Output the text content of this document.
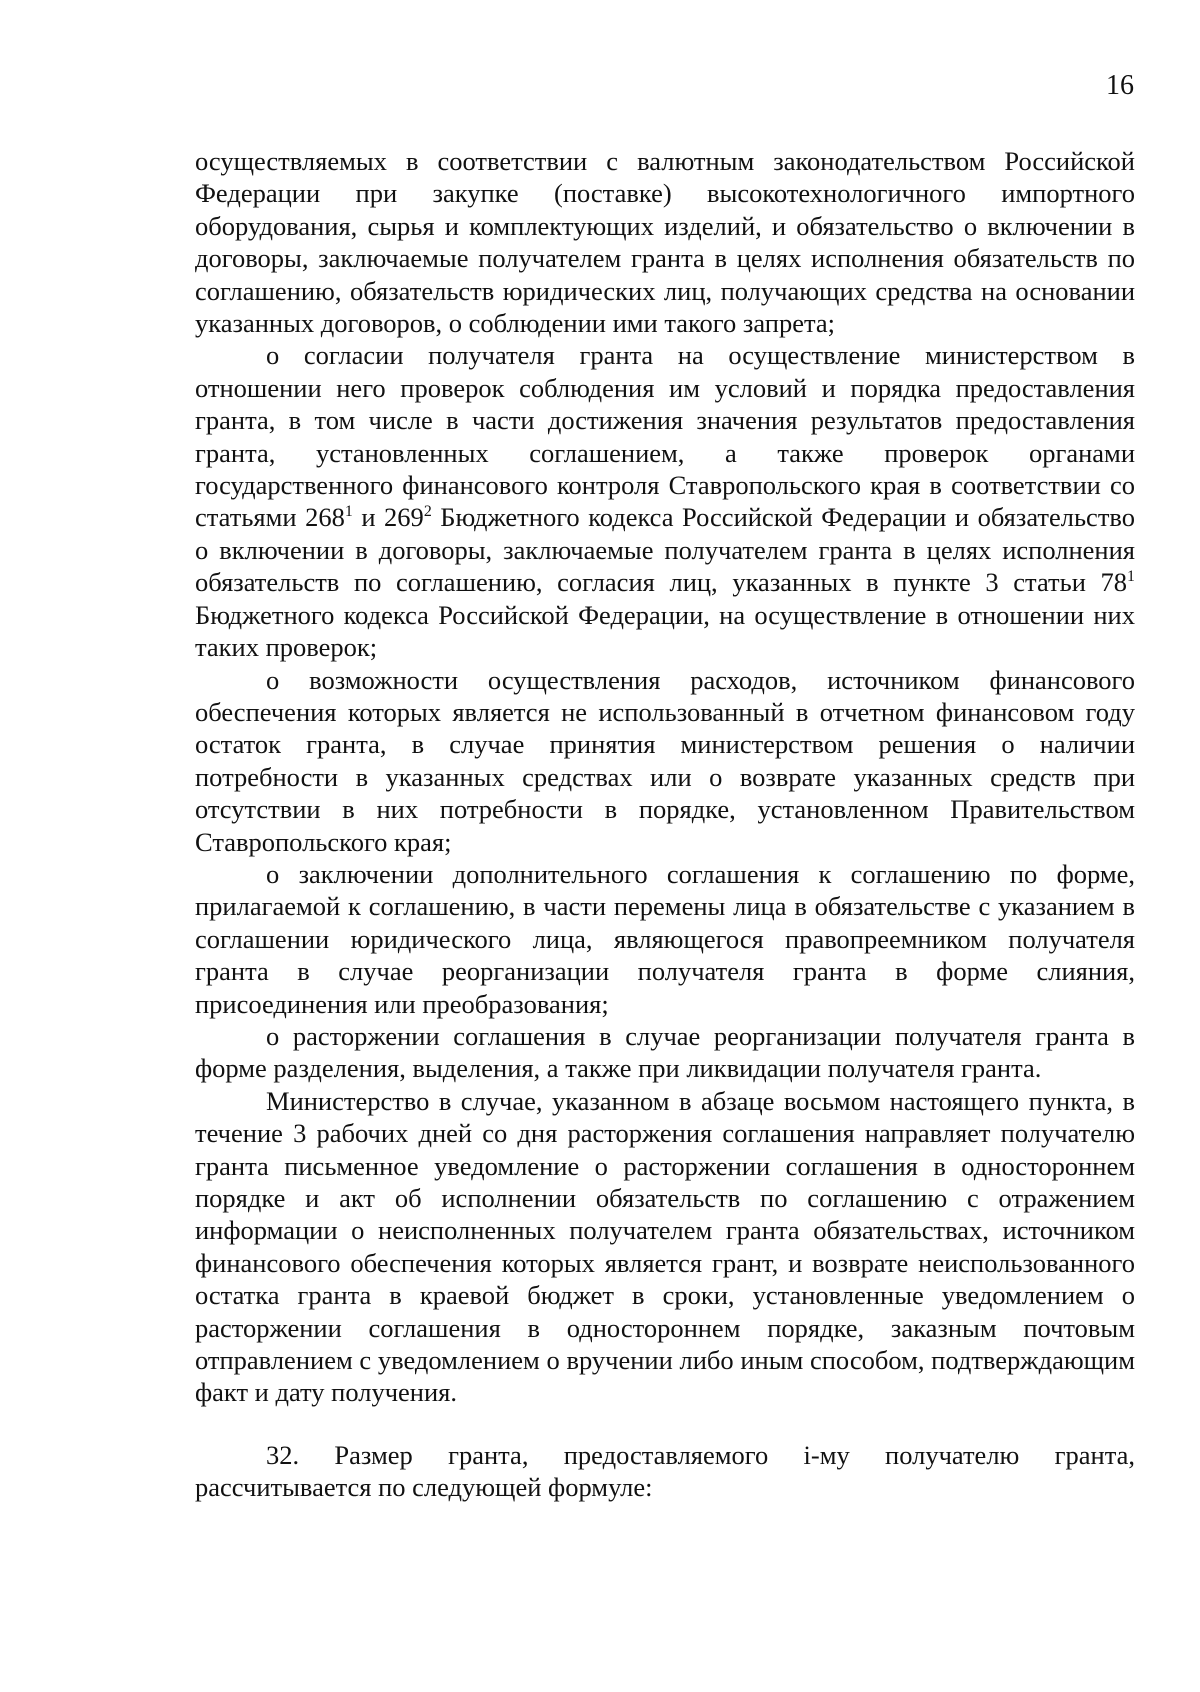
16

осуществляемых в соответствии с валютным законодательством Российской Федерации при закупке (поставке) высокотехнологичного импортного оборудования, сырья и комплектующих изделий, и обязательство о включении в договоры, заключаемые получателем гранта в целях исполнения обязательств по соглашению, обязательств юридических лиц, получающих средства на основании указанных договоров, о соблюдении ими такого запрета;

о согласии получателя гранта на осуществление министерством в отношении него проверок соблюдения им условий и порядка предоставления гранта, в том числе в части достижения значения результатов предоставления гранта, установленных соглашением, а также проверок органами государственного финансового контроля Ставропольского края в соответствии со статьями $268^1$ и $269^2$ Бюджетного кодекса Российской Федерации и обязательство о включении в договоры, заключаемые получателем гранта в целях исполнения обязательств по соглашению, согласия лиц, указанных в пункте 3 статьи $78^1$ Бюджетного кодекса Российской Федерации, на осуществление в отношении них таких проверок;

о возможности осуществления расходов, источником финансового обеспечения которых является не использованный в отчетном финансовом году остаток гранта, в случае принятия министерством решения о наличии потребности в указанных средствах или о возврате указанных средств при отсутствии в них потребности в порядке, установленном Правительством Ставропольского края;

о заключении дополнительного соглашения к соглашению по форме, прилагаемой к соглашению, в части перемены лица в обязательстве с указанием в соглашении юридического лица, являющегося правопреемником получателя гранта в случае реорганизации получателя гранта в форме слияния, присоединения или преобразования;

о расторжении соглашения в случае реорганизации получателя гранта в форме разделения, выделения, а также при ликвидации получателя гранта.

Министерство в случае, указанном в абзаце восьмом настоящего пункта, в течение 3 рабочих дней со дня расторжения соглашения направляет получателю гранта письменное уведомление о расторжении соглашения в одностороннем порядке и акт об исполнении обязательств по соглашению с отражением информации о неисполненных получателем гранта обязательствах, источником финансового обеспечения которых является грант, и возврате неиспользованного остатка гранта в краевой бюджет в сроки, установленные уведомлением о расторжении соглашения в одностороннем порядке, заказным почтовым отправлением с уведомлением о вручении либо иным способом, подтверждающим факт и дату получения.

32. Размер гранта, предоставляемого i-му получателю гранта, рассчитывается по следующей формуле:
